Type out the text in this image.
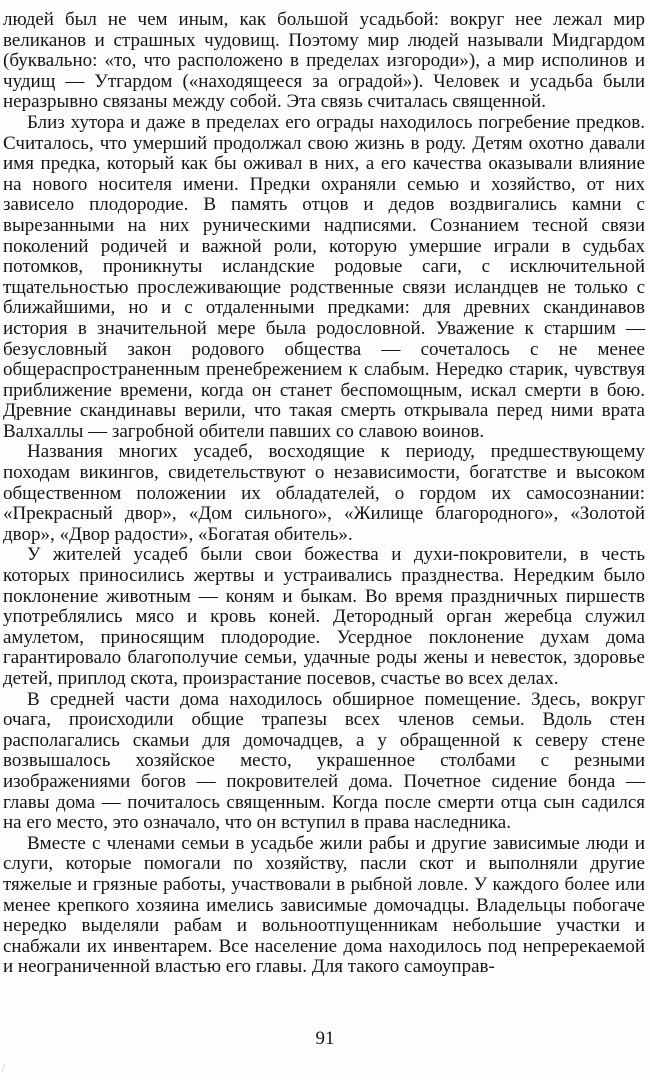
людей был не чем иным, как большой усадьбой: вокруг нее лежал мир великанов и страшных чудовищ. Поэтому мир людей называли Мидгардом (буквально: «то, что расположено в пределах изгороди»), а мир исполинов и чудищ — Утгардом («находящееся за оградой»). Человек и усадьба были неразрывно связаны между собой. Эта связь считалась священной.

Близ хутора и даже в пределах его ограды находилось погребение предков. Считалось, что умерший продолжал свою жизнь в роду. Детям охотно давали имя предка, который как бы оживал в них, а его качества оказывали влияние на нового носителя имени. Предки охраняли семью и хозяйство, от них зависело плодородие. В память отцов и дедов воздвигались камни с вырезанными на них руническими надписями. Сознанием тесной связи поколений родичей и важной роли, которую умершие играли в судьбах потомков, проникнуты исландские родовые саги, с исключительной тщательностью прослеживающие родственные связи исландцев не только с ближайшими, но и с отдаленными предками: для древних скандинавов история в значительной мере была родословной. Уважение к старшим — безусловный закон родового общества — сочеталось с не менее общераспространенным пренебрежением к слабым. Нередко старик, чувствуя приближение времени, когда он станет беспомощным, искал смерти в бою. Древние скандинавы верили, что такая смерть открывала перед ними врата Валхаллы — загробной обители павших со славою воинов.

Названия многих усадеб, восходящие к периоду, предшествующему походам викингов, свидетельствуют о независимости, богатстве и высоком общественном положении их обладателей, о гордом их самосознании: «Прекрасный двор», «Дом сильного», «Жилище благородного», «Золотой двор», «Двор радости», «Богатая обитель».

У жителей усадеб были свои божества и духи-покровители, в честь которых приносились жертвы и устраивались празднества. Нередким было поклонение животным — коням и быкам. Во время праздничных пиршеств употреблялись мясо и кровь коней. Детородный орган жеребца служил амулетом, приносящим плодородие. Усердное поклонение духам дома гарантировало благополучие семьи, удачные роды жены и невесток, здоровье детей, приплод скота, произрастание посевов, счастье во всех делах.

В средней части дома находилось обширное помещение. Здесь, вокруг очага, происходили общие трапезы всех членов семьи. Вдоль стен располагались скамьи для домочадцев, а у обращенной к северу стене возвышалось хозяйское место, украшенное столбами с резными изображениями богов — покровителей дома. Почетное сидение бонда — главы дома — почиталось священным. Когда после смерти отца сын садился на его место, это означало, что он вступил в права наследника.

Вместе с членами семьи в усадьбе жили рабы и другие зависимые люди и слуги, которые помогали по хозяйству, пасли скот и выполняли другие тяжелые и грязные работы, участвовали в рыбной ловле. У каждого более или менее крепкого хозяина имелись зависимые домочадцы. Владельцы побогаче нередко выделяли рабам и вольноотпущенникам небольшие участки и снабжали их инвентарем. Все население дома находилось под непререкаемой и неограниченной властью его главы. Для такого самоуправ-

91
/
